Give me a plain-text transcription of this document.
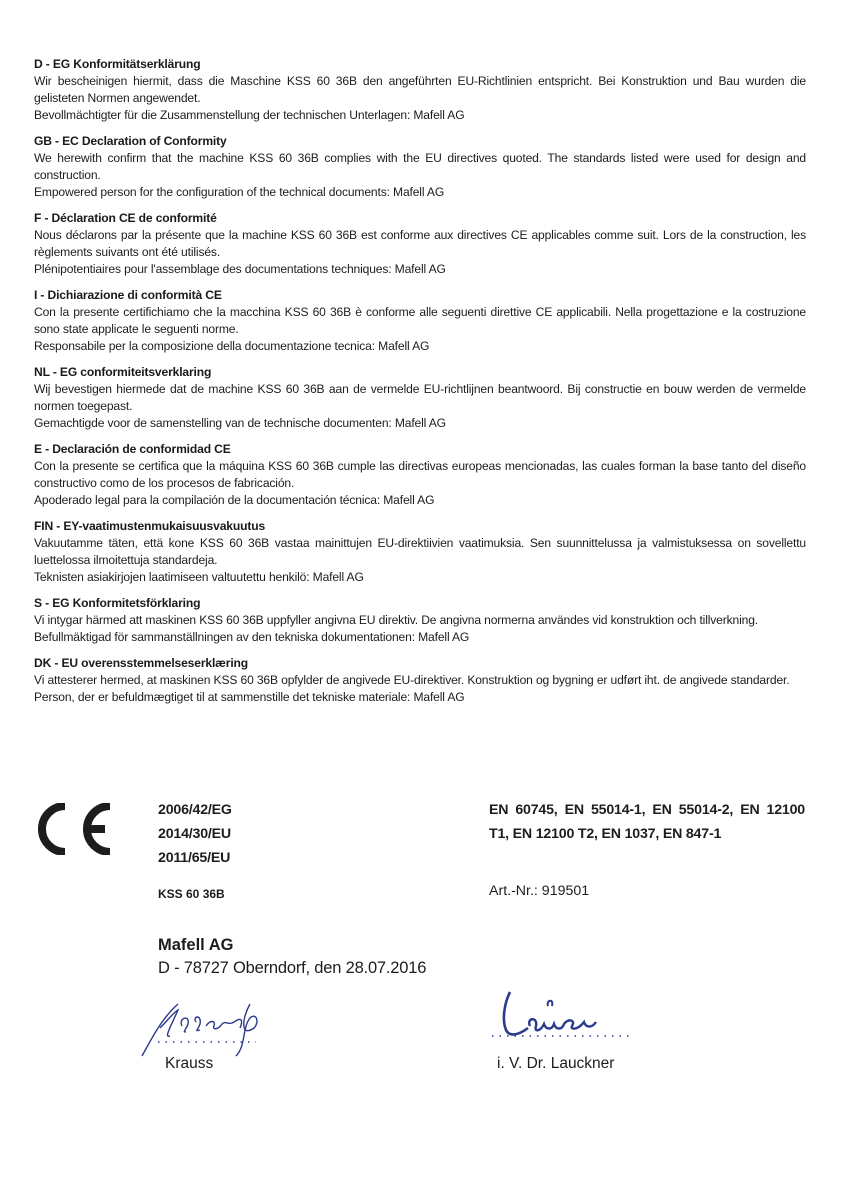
D - EG Konformitätserklärung
Wir bescheinigen hiermit, dass die Maschine KSS 60 36B den angeführten EU-Richtlinien entspricht. Bei Konstruktion und Bau wurden die gelisteten Normen angewendet.
Bevollmächtigter für die Zusammenstellung der technischen Unterlagen: Mafell AG
GB - EC Declaration of Conformity
We herewith confirm that the machine KSS 60 36B complies with the EU directives quoted. The standards listed were used for design and construction.
Empowered person for the configuration of the technical documents: Mafell AG
F - Déclaration CE de conformité
Nous déclarons par la présente que la machine KSS 60 36B est conforme aux directives CE applicables comme suit. Lors de la construction, les règlements suivants ont été utilisés.
Plénipotentiaires pour l'assemblage des documentations techniques: Mafell AG
I - Dichiarazione di conformità CE
Con la presente certifichiamo che la macchina KSS 60 36B è conforme alle seguenti direttive CE applicabili. Nella progettazione e la costruzione sono state applicate le seguenti norme.
Responsabile per la composizione della documentazione tecnica: Mafell AG
NL - EG conformiteitsverklaring
Wij bevestigen hiermede dat de machine KSS 60 36B aan de vermelde EU-richtlijnen beantwoord. Bij constructie en bouw werden de vermelde normen toegepast.
Gemachtigde voor de samenstelling van de technische documenten: Mafell AG
E - Declaración de conformidad CE
Con la presente se certifica que la máquina KSS 60 36B cumple las directivas europeas mencionadas, las cuales forman la base tanto del diseño constructivo como de los procesos de fabricación.
Apoderado legal para la compilación de la documentación técnica: Mafell AG
FIN - EY-vaatimustenmukaisuusvakuutus
Vakuutamme täten, että kone KSS 60 36B vastaa mainittujen EU-direktiivien vaatimuksia. Sen suunnittelussa ja valmistuksessa on sovellettu luettelossa ilmoitettuja standardeja.
Teknisten asiakirjojen laatimiseen valtuutettu henkilö: Mafell AG
S - EG Konformitetsförklaring
Vi intygar härmed att maskinen KSS 60 36B uppfyller angivna EU direktiv. De angivna normerna användes vid konstruktion och tillverkning.
Befullmäktigad för sammanställningen av den tekniska dokumentationen: Mafell AG
DK - EU overensstemmelseserklæring
Vi attesterer hermed, at maskinen KSS 60 36B opfylder de angivede EU-direktiver. Konstruktion og bygning er udført iht. de angivede standarder.
Person, der er befuldmægtiget til at sammenstille det tekniske materiale: Mafell AG
2006/42/EG
2014/30/EU
2011/65/EU
EN 60745, EN 55014-1, EN 55014-2, EN 12100 T1, EN 12100 T2, EN 1037, EN 847-1
KSS 60 36B	Art.-Nr.: 919501
Mafell AG
D - 78727 Oberndorf, den 28.07.2016
Krauss	i. V. Dr. Lauckner
